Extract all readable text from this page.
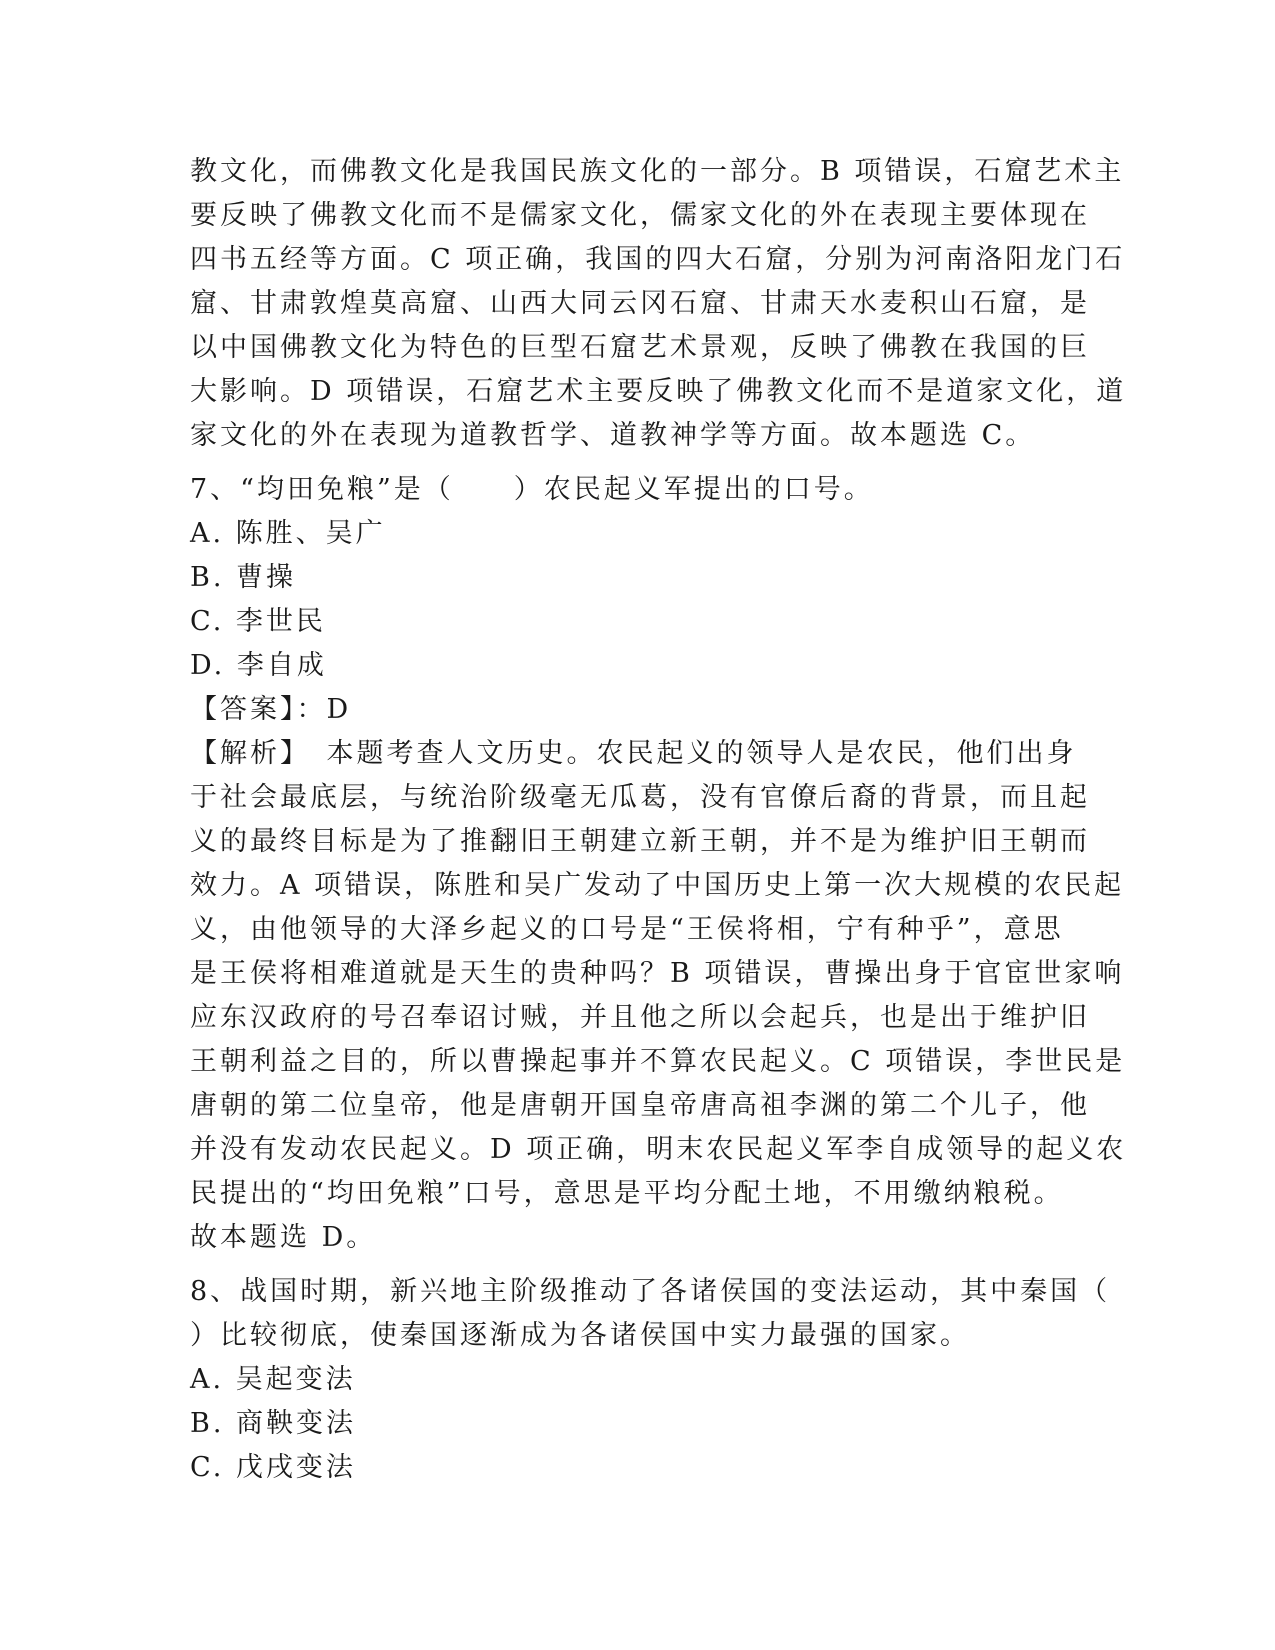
教文化，而佛教文化是我国民族文化的一部分。B 项错误，石窟艺术主
要反映了佛教文化而不是儒家文化，儒家文化的外在表现主要体现在
四书五经等方面。C 项正确，我国的四大石窟，分别为河南洛阳龙门石
窟、甘肃敦煌莫高窟、山西大同云冈石窟、甘肃天水麦积山石窟，是
以中国佛教文化为特色的巨型石窟艺术景观，反映了佛教在我国的巨
大影响。D 项错误，石窟艺术主要反映了佛教文化而不是道家文化，道
家文化的外在表现为道教哲学、道教神学等方面。故本题选 C。
7、“均田免粮”是（　　）农民起义军提出的口号。
A. 陈胜、吴广
B. 曹操
C. 李世民
D. 李自成
【答案】：D
【解析】　本题考查人文历史。农民起义的领导人是农民，他们出身
于社会最底层，与统治阶级毫无瓜葛，没有官僚后裔的背景，而且起
义的最终目标是为了推翻旧王朝建立新王朝，并不是为维护旧王朝而
效力。A 项错误，陈胜和吴广发动了中国历史上第一次大规模的农民起
义，由他领导的大泽乡起义的口号是“王侯将相，宁有种乎”，意思
是王侯将相难道就是天生的贵种吗？B 项错误，曹操出身于官宦世家响
应东汉政府的号召奉诏讨贼，并且他之所以会起兵，也是出于维护旧
王朝利益之目的，所以曹操起事并不算农民起义。C 项错误，李世民是
唐朝的第二位皇帝，他是唐朝开国皇帝唐高祖李渊的第二个儿子，他
并没有发动农民起义。D 项正确，明末农民起义军李自成领导的起义农
民提出的“均田免粮”口号，意思是平均分配土地，不用缴纳粮税。
故本题选 D。
8、战国时期，新兴地主阶级推动了各诸侯国的变法运动，其中秦国（
）比较彻底，使秦国逐渐成为各诸侯国中实力最强的国家。
A. 吴起变法
B. 商鞅变法
C. 戊戌变法
